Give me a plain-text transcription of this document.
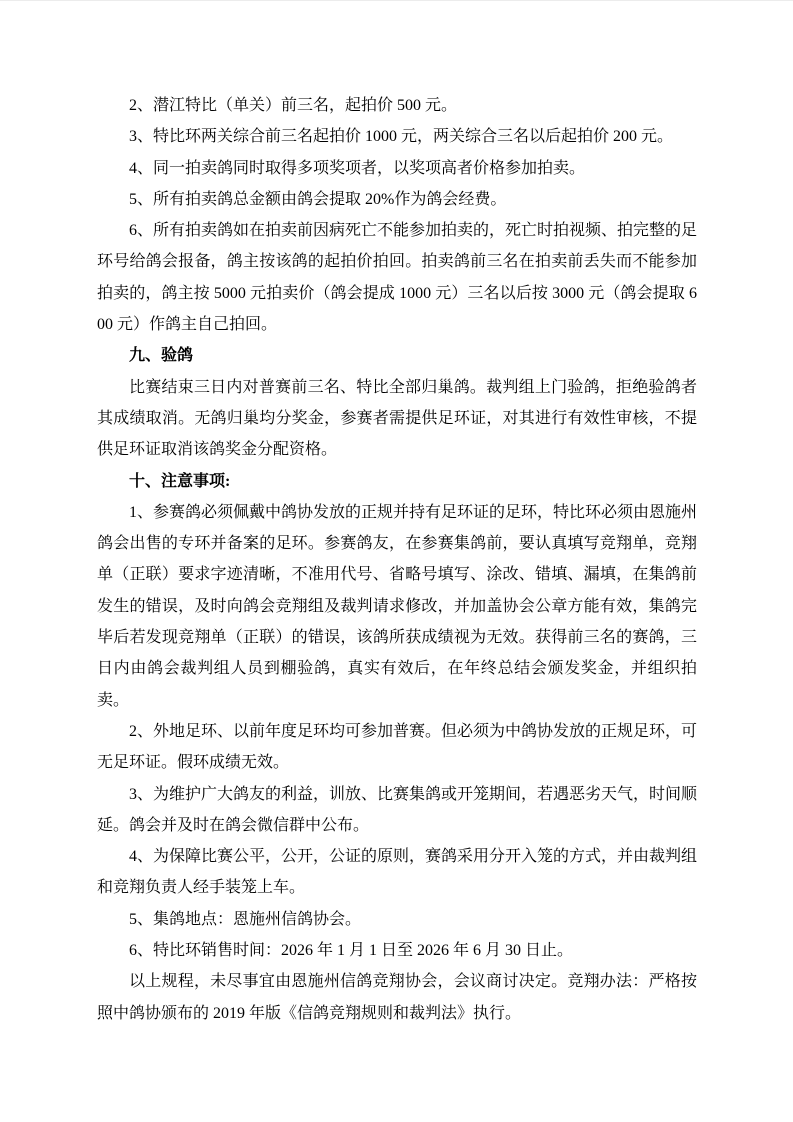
2、潜江特比（单关）前三名，起拍价 500 元。

3、特比环两关综合前三名起拍价 1000 元，两关综合三名以后起拍价 200 元。

4、同一拍卖鸽同时取得多项奖项者，以奖项高者价格参加拍卖。

5、所有拍卖鸽总金额由鸽会提取 20%作为鸽会经费。

6、所有拍卖鸽如在拍卖前因病死亡不能参加拍卖的，死亡时拍视频、拍完整的足环号给鸽会报备，鸽主按该鸽的起拍价拍回。拍卖鸽前三名在拍卖前丢失而不能参加拍卖的，鸽主按 5000 元拍卖价（鸽会提成 1000 元）三名以后按 3000 元（鸽会提取 600 元）作鸽主自己拍回。

九、验鸽

比赛结束三日内对普赛前三名、特比全部归巢鸽。裁判组上门验鸽，拒绝验鸽者其成绩取消。无鸽归巢均分奖金，参赛者需提供足环证，对其进行有效性审核，不提供足环证取消该鸽奖金分配资格。

十、注意事项:

1、参赛鸽必须佩戴中鸽协发放的正规并持有足环证的足环，特比环必须由恩施州鸽会出售的专环并备案的足环。参赛鸽友，在参赛集鸽前，要认真填写竞翔单，竞翔单（正联）要求字迹清晰，不准用代号、省略号填写、涂改、错填、漏填，在集鸽前发生的错误，及时向鸽会竞翔组及裁判请求修改，并加盖协会公章方能有效，集鸽完毕后若发现竞翔单（正联）的错误，该鸽所获成绩视为无效。获得前三名的赛鸽，三日内由鸽会裁判组人员到棚验鸽，真实有效后，在年终总结会颁发奖金，并组织拍卖。

2、外地足环、以前年度足环均可参加普赛。但必须为中鸽协发放的正规足环，可无足环证。假环成绩无效。

3、为维护广大鸽友的利益，训放、比赛集鸽或开笼期间，若遇恶劣天气，时间顺延。鸽会并及时在鸽会微信群中公布。

4、为保障比赛公平，公开，公证的原则，赛鸽采用分开入笼的方式，并由裁判组和竞翔负责人经手装笼上车。

5、集鸽地点：恩施州信鸽协会。

6、特比环销售时间：2026 年 1 月 1 日至 2026 年 6 月 30 日止。

以上规程，未尽事宜由恩施州信鸽竞翔协会，会议商讨决定。竞翔办法：严格按照中鸽协颁布的 2019 年版《信鸽竞翔规则和裁判法》执行。
